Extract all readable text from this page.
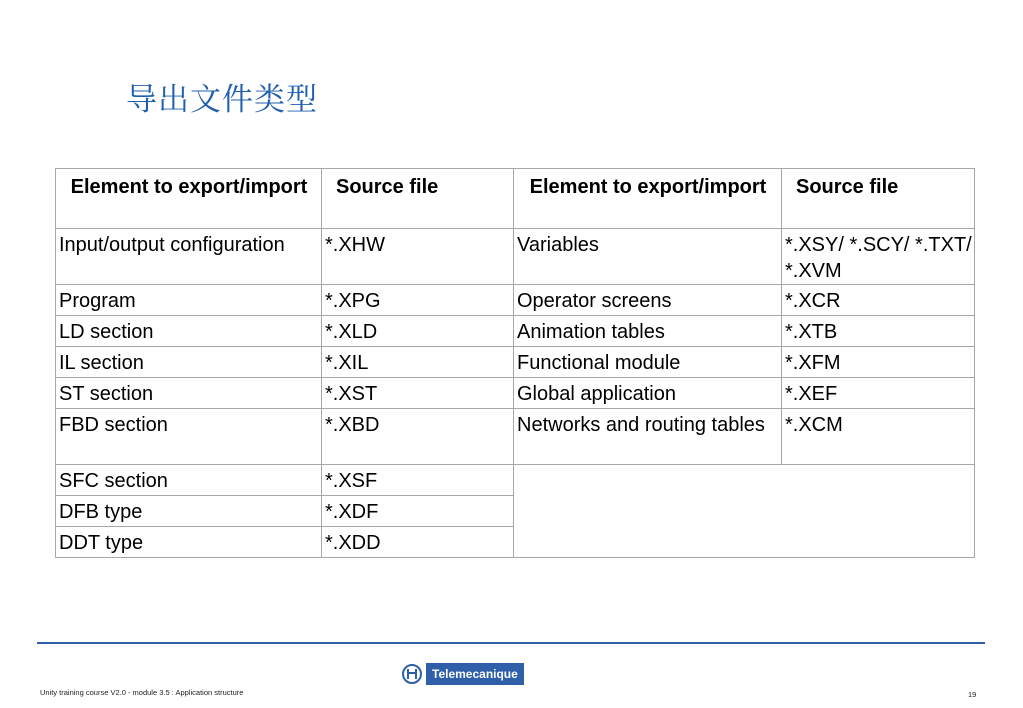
导出文件类型
Element to export/import	Source file	Element to export/import	Source file
Input/output configuration	*.XHW	Variables	*.XSY/ *.SCY/ *.TXT/ *.XVM
Program	*.XPG	Operator screens	*.XCR
LD section	*.XLD	Animation tables	*.XTB
IL section	*.XIL	Functional module	*.XFM
ST section	*.XST	Global application	*.XEF
FBD section	*.XBD	Networks and routing tables	*.XCM
SFC section	*.XSF		
DFB type	*.XDF		
DDT type	*.XDD		
Telemecanique
Unity training course V2.0 - module 3.5 : Application structure	19
